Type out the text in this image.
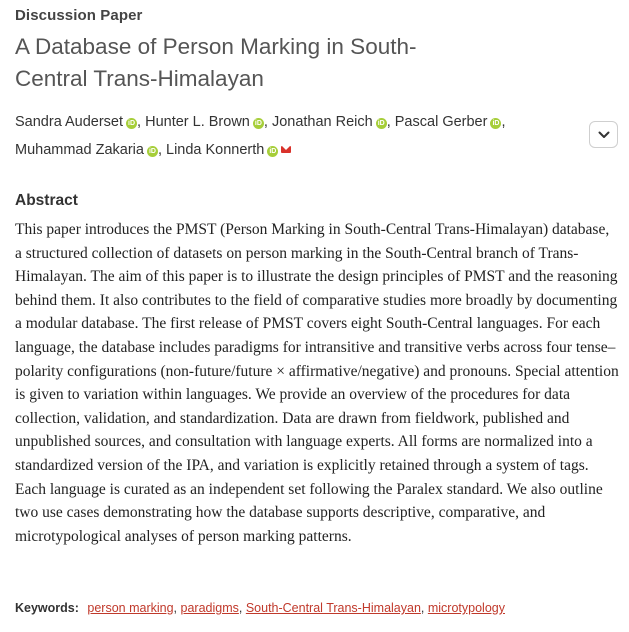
Discussion Paper
A Database of Person Marking in South-Central Trans-Himalayan
Sandra Auderset iD , Hunter L. Brown iD , Jonathan Reich iD , Pascal Gerber iD ,
Muhammad Zakaria iD , Linda Konnerth iD
Abstract

This paper introduces the PMST (Person Marking in South-Central Trans-Himalayan) database, a structured collection of datasets on person marking in the South-Central branch of Trans-Himalayan. The aim of this paper is to illustrate the design principles of PMST and the reasoning behind them. It also contributes to the field of comparative studies more broadly by documenting a modular database. The first release of PMST covers eight South-Central languages. For each language, the database includes paradigms for intransitive and transitive verbs across four tense–polarity configurations (non-future/future × affirmative/negative) and pronouns. Special attention is given to variation within languages. We provide an overview of the procedures for data collection, validation, and standardization. Data are drawn from fieldwork, published and unpublished sources, and consultation with language experts. All forms are normalized into a standardized version of the IPA, and variation is explicitly retained through a system of tags. Each language is curated as an independent set following the Paralex standard. We also outline two use cases demonstrating how the database supports descriptive, comparative, and microtypological analyses of person marking patterns.

Keywords: person marking, paradigms, South-Central Trans-Himalayan, microtypology
